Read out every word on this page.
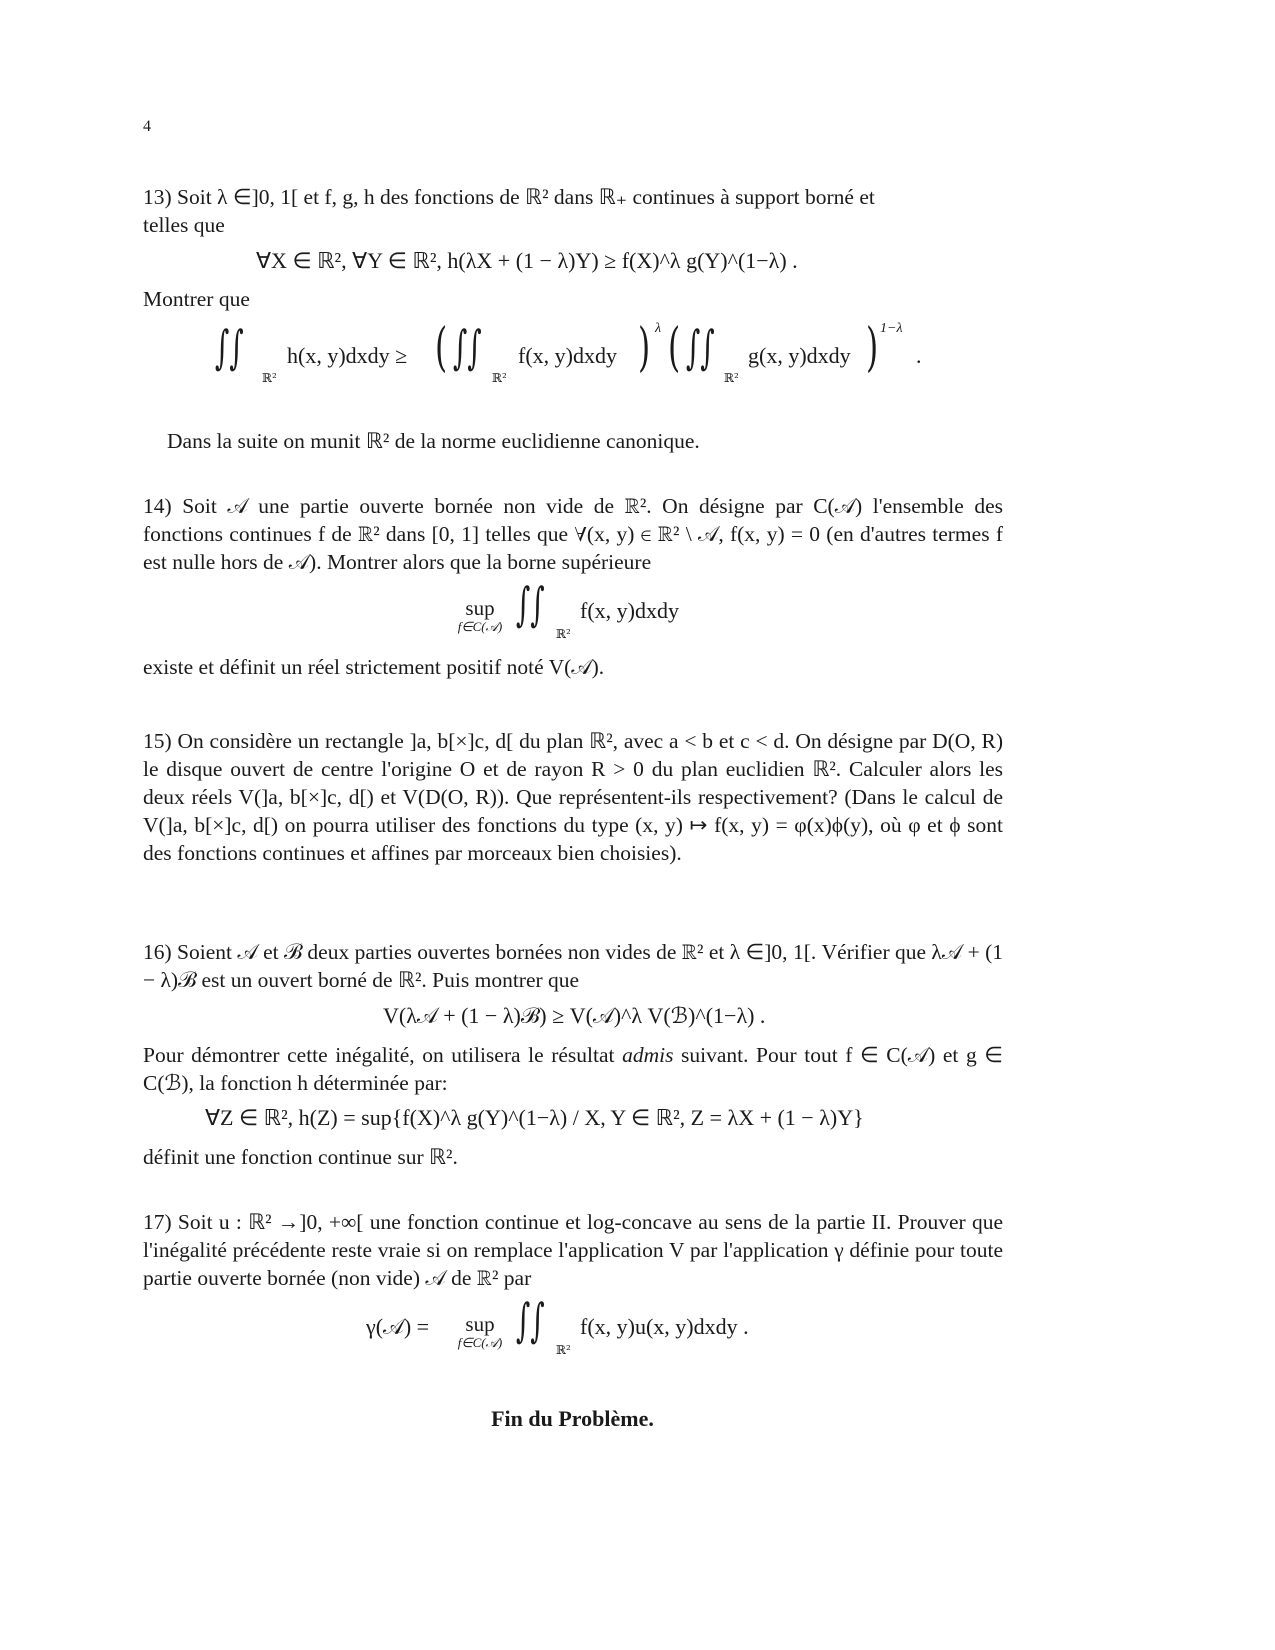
4
13) Soit λ ∈]0, 1[ et f, g, h des fonctions de ℝ² dans ℝ₊ continues à support borné et
telles que
∀X ∈ ℝ², ∀Y ∈ ℝ², h(λX + (1 − λ)Y) ≥ f(X)^λ g(Y)^(1−λ) .
Montrer que
∫∫
ℝ²
h(x, y)dxdy ≥ ( ∫∫
ℝ²
f(x, y)dxdy ) λ ( ∫∫
ℝ²
g(x, y)dxdy ) 1−λ
.
Dans la suite on munit ℝ² de la norme euclidienne canonique.
14) Soit 𝒜 une partie ouverte bornée non vide de ℝ². On désigne par C(𝒜) l'ensemble des fonctions continues f de ℝ² dans [0, 1] telles que ∀(x, y) ∈ ℝ² \ 𝒜, f(x, y) = 0 (en d'autres termes f est nulle hors de 𝒜). Montrer alors que la borne supérieure
sup
f∈C(𝒜) ∫∫
ℝ²
f(x, y)dxdy
existe et définit un réel strictement positif noté V(𝒜).
15) On considère un rectangle ]a, b[×]c, d[ du plan ℝ², avec a < b et c < d. On désigne par D(O, R) le disque ouvert de centre l'origine O et de rayon R > 0 du plan euclidien ℝ². Calculer alors les deux réels V(]a, b[×]c, d[) et V(D(O, R)). Que représentent-ils respectivement? (Dans le calcul de V(]a, b[×]c, d[) on pourra utiliser des fonctions du type (x, y) ↦ f(x, y) = φ(x)ϕ(y), où φ et ϕ sont des fonctions continues et affines par morceaux bien choisies).
16) Soient 𝒜 et ℬ deux parties ouvertes bornées non vides de ℝ² et λ ∈]0, 1[. Vérifier que λ𝒜 + (1 − λ)ℬ est un ouvert borné de ℝ². Puis montrer que
V(λ𝒜 + (1 − λ)ℬ) ≥ V(𝒜)^λ V(ℬ)^(1−λ) .
Pour démontrer cette inégalité, on utilisera le résultat admis suivant. Pour tout f ∈ C(𝒜) et g ∈ C(ℬ), la fonction h déterminée par:
∀Z ∈ ℝ², h(Z) = sup{f(X)^λ g(Y)^(1−λ) / X, Y ∈ ℝ², Z = λX + (1 − λ)Y}
définit une fonction continue sur ℝ².
17) Soit u : ℝ² →]0, +∞[ une fonction continue et log-concave au sens de la partie II. Prouver que l'inégalité précédente reste vraie si on remplace l'application V par l'application γ définie pour toute partie ouverte bornée (non vide) 𝒜 de ℝ² par
γ(𝒜) =	sup
f∈C(𝒜) ∫∫
ℝ²
f(x, y)u(x, y)dxdy .
Fin du Problème.
